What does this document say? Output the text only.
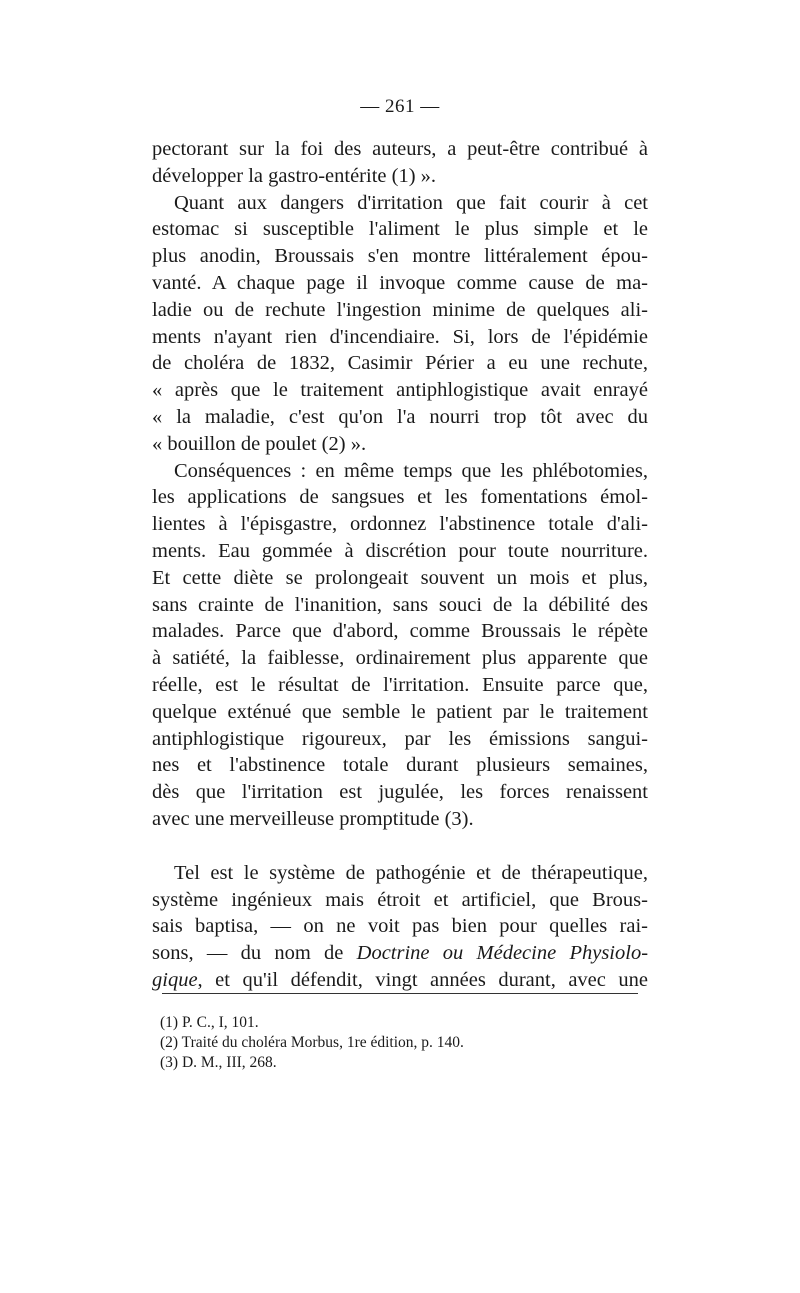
— 261 —
pectorant sur la foi des auteurs, a peut-être contribué à
développer la gastro-entérite (1) ».
Quant aux dangers d'irritation que fait courir à cet
estomac si susceptible l'aliment le plus simple et le
plus anodin, Broussais s'en montre littéralement épou-
vanté. A chaque page il invoque comme cause de ma-
ladie ou de rechute l'ingestion minime de quelques ali-
ments n'ayant rien d'incendiaire. Si, lors de l'épidémie
de choléra de 1832, Casimir Périer a eu une rechute,
« après que le traitement antiphlogistique avait enrayé
« la maladie, c'est qu'on l'a nourri trop tôt avec du
« bouillon de poulet (2) ».
Conséquences : en même temps que les phlébotomies,
les applications de sangsues et les fomentations émol-
lientes à l'épisgastre, ordonnez l'abstinence totale d'ali-
ments. Eau gommée à discrétion pour toute nourriture.
Et cette diète se prolongeait souvent un mois et plus,
sans crainte de l'inanition, sans souci de la débilité des
malades. Parce que d'abord, comme Broussais le répète
à satiété, la faiblesse, ordinairement plus apparente que
réelle, est le résultat de l'irritation. Ensuite parce que,
quelque exténué que semble le patient par le traitement
antiphlogistique rigoureux, par les émissions sangui-
nes et l'abstinence totale durant plusieurs semaines,
dès que l'irritation est jugulée, les forces renaissent
avec une merveilleuse promptitude (3).
Tel est le système de pathogénie et de thérapeutique,
système ingénieux mais étroit et artificiel, que Brous-
sais baptisa, — on ne voit pas bien pour quelles rai-
sons, — du nom de Doctrine ou Médecine Physiolo-
gique, et qu'il défendit, vingt années durant, avec une
(1) P. C., I, 101.
(2) Traité du choléra Morbus, 1re édition, p. 140.
(3) D. M., III, 268.
